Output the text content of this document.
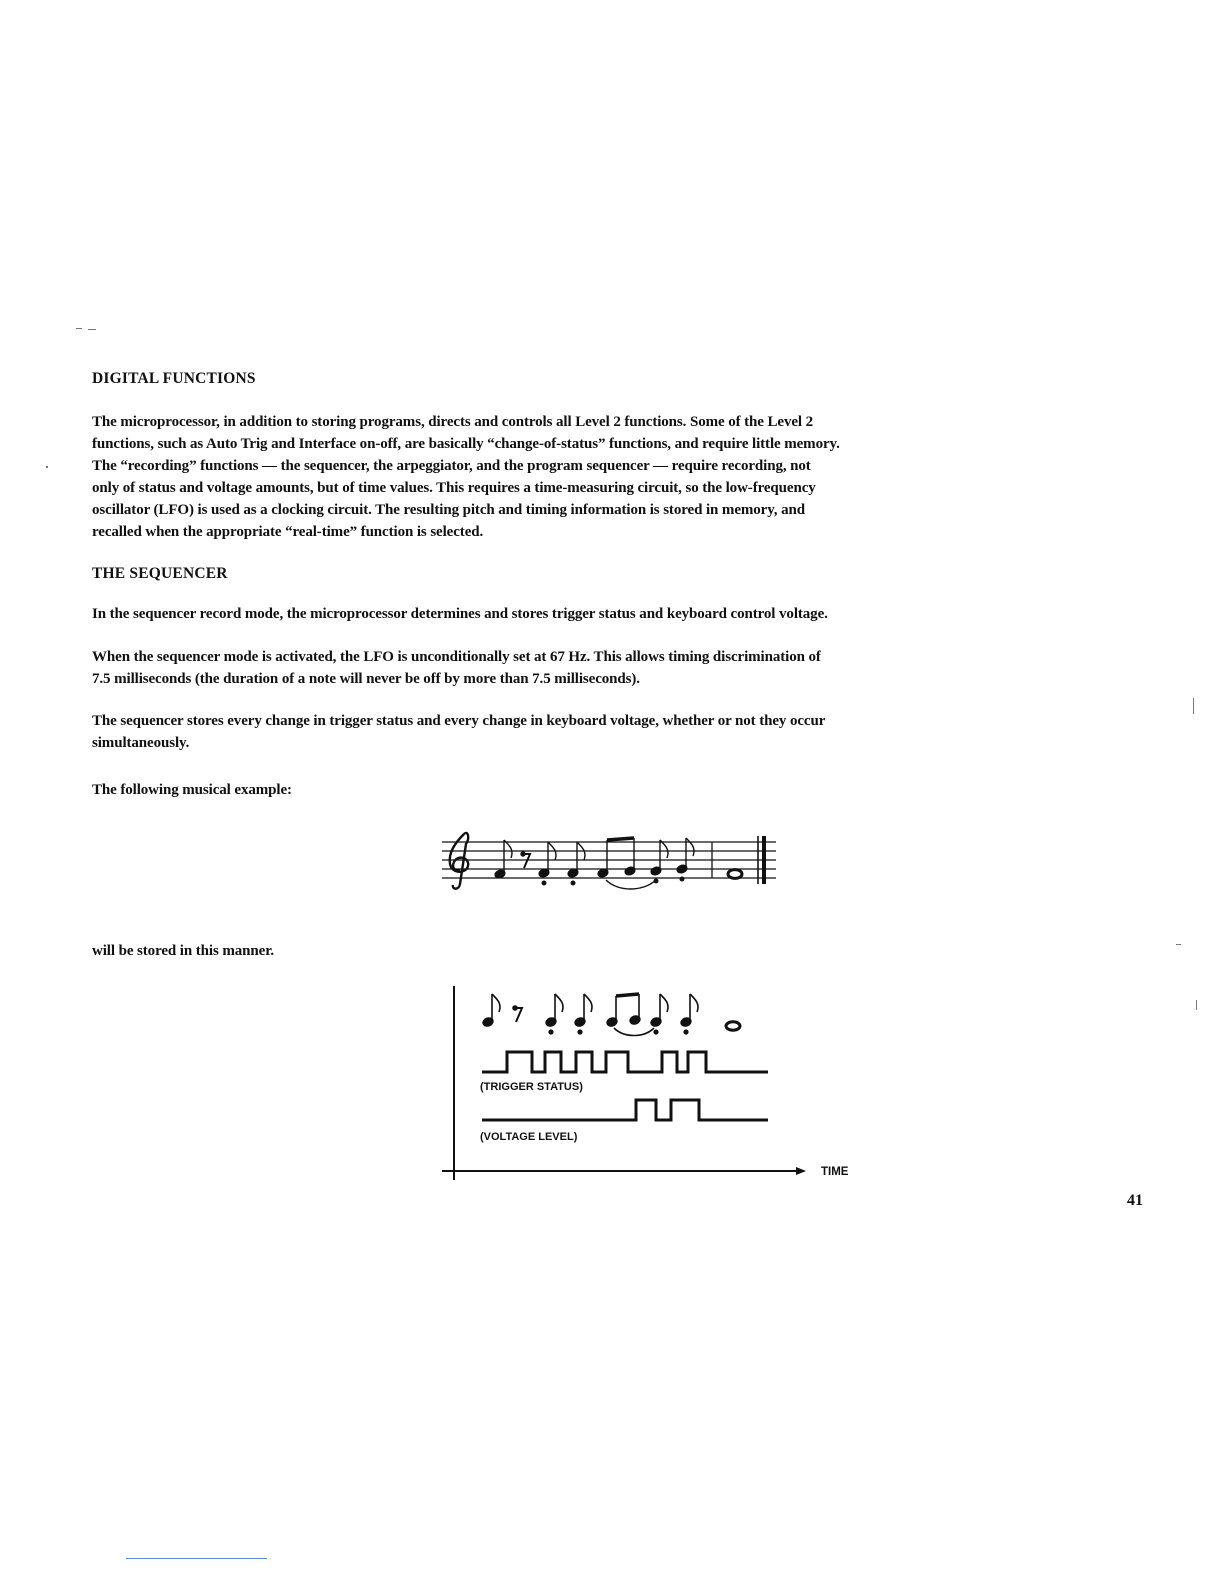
DIGITAL FUNCTIONS
The microprocessor, in addition to storing programs, directs and controls all Level 2 functions. Some of the Level 2
functions, such as Auto Trig and Interface on-off, are basically “change-of-status” functions, and require little memory.
The “recording” functions — the sequencer, the arpeggiator, and the program sequencer — require recording, not
only of status and voltage amounts, but of time values. This requires a time-measuring circuit, so the low-frequency
oscillator (LFO) is used as a clocking circuit. The resulting pitch and timing information is stored in memory, and
recalled when the appropriate “real-time” function is selected.
THE SEQUENCER
In the sequencer record mode, the microprocessor determines and stores trigger status and keyboard control voltage.
When the sequencer mode is activated, the LFO is unconditionally set at 67 Hz. This allows timing discrimination of
7.5 milliseconds (the duration of a note will never be off by more than 7.5 milliseconds).
The sequencer stores every change in trigger status and every change in keyboard voltage, whether or not they occur
simultaneously.
The following musical example:
will be stored in this manner.
TIME
(TRIGGER STATUS)
(VOLTAGE LEVEL)
41
